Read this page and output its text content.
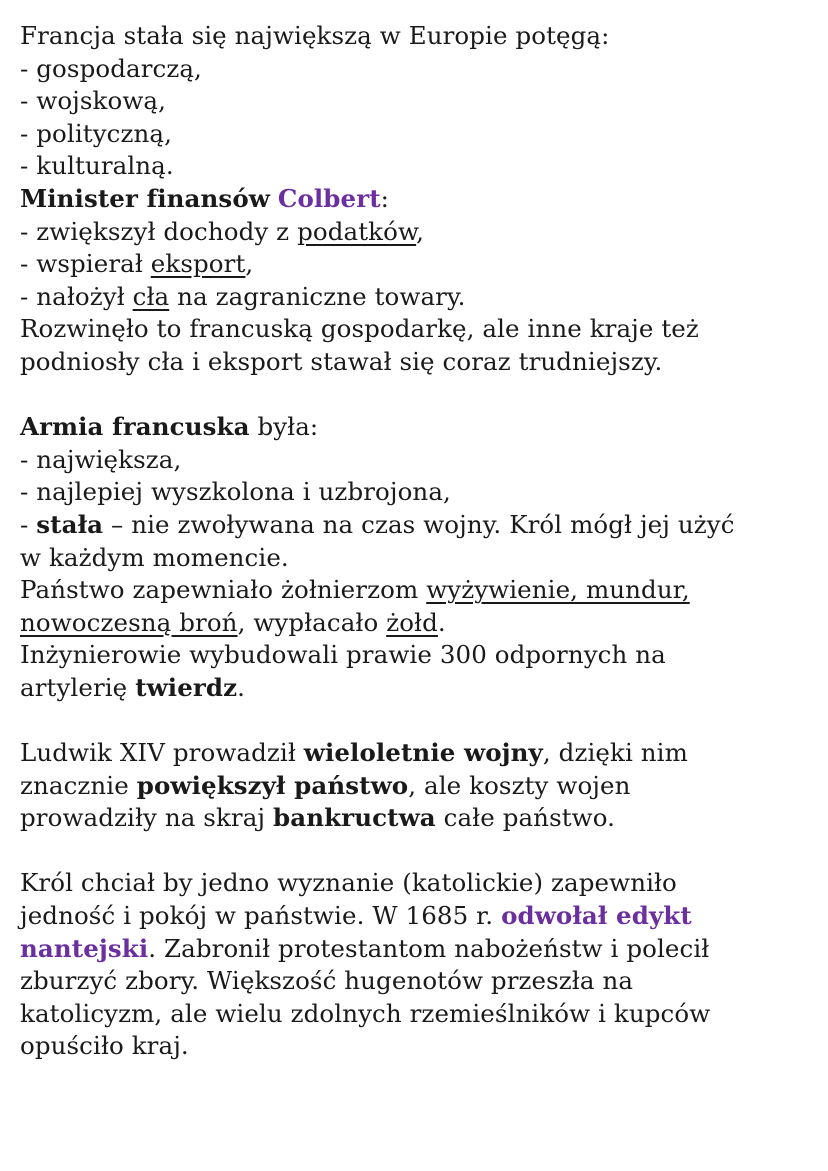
Francja stała się największą w Europie potęgą:
- gospodarczą,
- wojskową,
- polityczną,
- kulturalną.
Minister finansów Colbert:
- zwiększył dochody z podatków,
- wspierał eksport,
- nałożył cła na zagraniczne towary.
Rozwinęło to francuską gospodarkę, ale inne kraje też
podniosły cła i eksport stawał się coraz trudniejszy.
Armia francuska była:
- największa,
- najlepiej wyszkolona i uzbrojona,
- stała – nie zwoływana na czas wojny. Król mógł jej użyć
w każdym momencie.
Państwo zapewniało żołnierzom wyżywienie, mundur,
nowoczesną broń, wypłacało żołd.
Inżynierowie wybudowali prawie 300 odpornych na
artylerię twierdz.
Ludwik XIV prowadził wieloletnie wojny, dzięki nim
znacznie powiększył państwo, ale koszty wojen
prowadziły na skraj bankructwa całe państwo.
Król chciał by jedno wyznanie (katolickie) zapewniło
jedność i pokój w państwie. W 1685 r. odwołał edykt
nantejski. Zabronił protestantom nabożeństw i polecił
zburzyć zbory. Większość hugenotów przeszła na
katolicyzm, ale wielu zdolnych rzemieślników i kupców
opuściło kraj.
